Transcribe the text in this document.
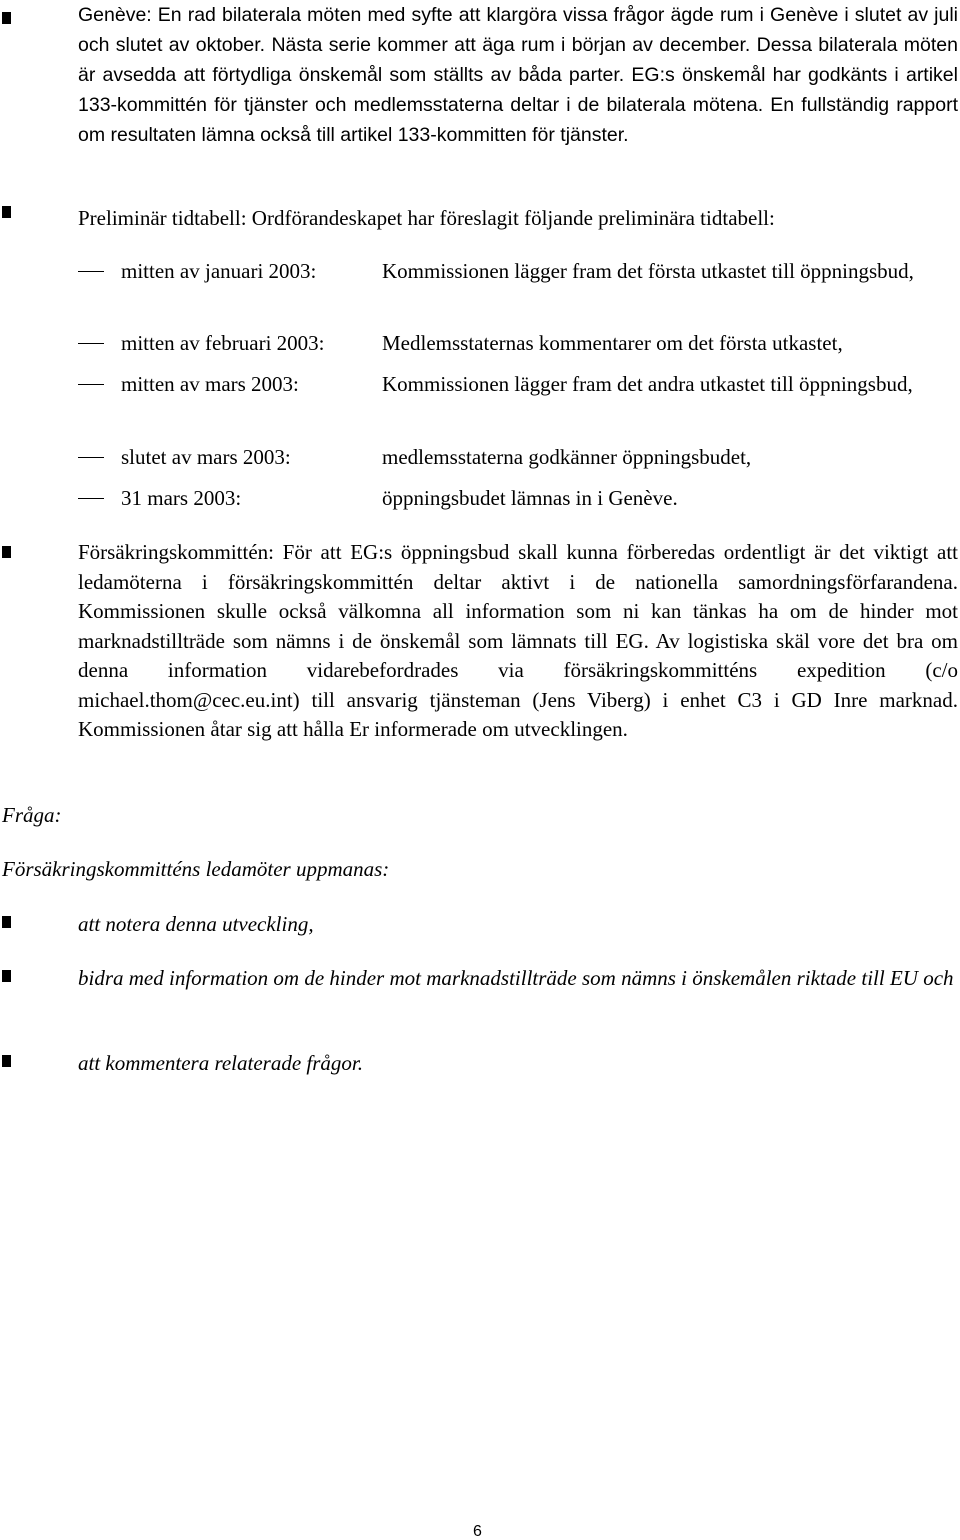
Genève: En rad bilaterala möten med syfte att klargöra vissa frågor ägde rum i Genève i slutet av juli och slutet av oktober. Nästa serie kommer att äga rum i början av december. Dessa bilaterala möten är avsedda att förtydliga önskemål som ställts av båda parter. EG:s önskemål har godkänts i artikel 133-kommittén för tjänster och medlemsstaterna deltar i de bilaterala mötena. En fullständig rapport om resultaten lämna också till artikel 133-kommitten för tjänster.
Preliminär tidtabell: Ordförandeskapet har föreslagit följande preliminära tidtabell:
mitten av januari 2003:	Kommissionen lägger fram det första utkastet till öppningsbud,
mitten av februari 2003:	Medlemsstaternas kommentarer om det första utkastet,
mitten av mars 2003:	Kommissionen lägger fram det andra utkastet till öppningsbud,
slutet av mars 2003:	medlemsstaterna godkänner öppningsbudet,
31 mars 2003:	öppningsbudet lämnas in i Genève.
Försäkringskommittén: För att EG:s öppningsbud skall kunna förberedas ordentligt är det viktigt att ledamöterna i försäkringskommittén deltar aktivt i de nationella samordningsförfarandena. Kommissionen skulle också välkomna all information som ni kan tänkas ha om de hinder mot marknadstillträde som nämns i de önskemål som lämnats till EG. Av logistiska skäl vore det bra om denna information vidarebefordrades via försäkringskommitténs expedition (c/o michael.thom@cec.eu.int) till ansvarig tjänsteman (Jens Viberg) i enhet C3 i GD Inre marknad. Kommissionen åtar sig att hålla Er informerade om utvecklingen.
Fråga:
Försäkringskommitténs ledamöter uppmanas:
att notera denna utveckling,
bidra med information om de hinder mot marknadstillträde som nämns i önskemålen riktade till EU och
att kommentera relaterade frågor.
6
